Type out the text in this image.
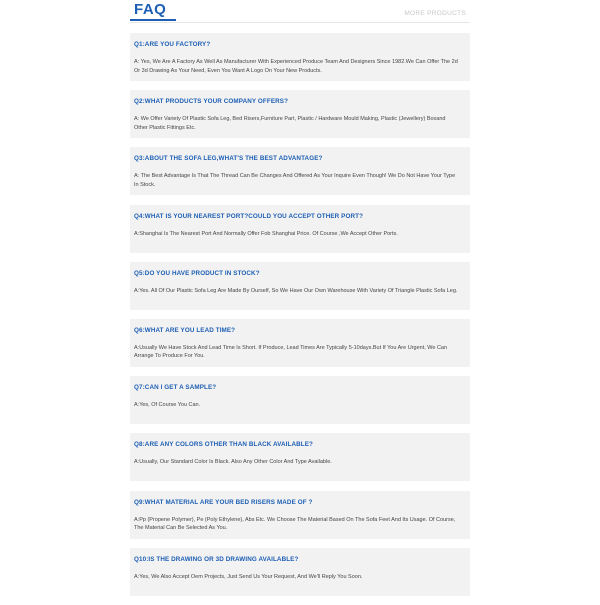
FAQ	MORE PRODUCTS
Q1:ARE YOU FACTORY?
A: Yes, We Are A Factory As Well As Manufacturer With Experienced Produce Team And Designers Since 1982.We Can Offer The 2d Or 3d Drawing As Your Need, Even You Want A Logo On Your New Products.
Q2:WHAT PRODUCTS YOUR COMPANY OFFERS?
A: We Offer Variety Of Plastic Sofa Leg, Bed Risers,Furniture Part, Plastic / Hardware Mould Making, Plastic (Jewellery) Boxand Other Plastic Fittings Etc.
Q3:ABOUT THE SOFA LEG,WHAT'S THE BEST ADVANTAGE?
A: The Best Advantage Is That The Thread Can Be Changes And Offered As Your Inquire Even Though! We Do Not Have Your Type In Stock.
Q4:WHAT IS YOUR NEAREST PORT?COULD YOU ACCEPT OTHER PORT?
A:Shanghai Is The Nearest Port And Normally Offer Fob Shanghai Price. Of Course ,We Accept Other Ports.
Q5:DO YOU HAVE PRODUCT IN STOCK?
A:Yes. All Of Our Plastic Sofa Leg Are Made By Ourself, So We Have Our Own Warehouse With Variety Of Triangle Plastic Sofa Leg.
Q6:WHAT ARE YOU LEAD TIME?
A:Usually We Have Stock And Lead Time Is Short. If Produce, Lead Times Are Typically 5-10days.But If You Are Urgent, We Can Arrange To Produce For You.
Q7:CAN I GET A SAMPLE?
A:Yes, Of Course You Can.
Q8:ARE ANY COLORS OTHER THAN BLACK AVAILABLE?
A:Usually, Our Standard Color Is Black. Also Any Other Color And Type Available.
Q9:WHAT MATERIAL ARE YOUR BED RISERS MADE OF ?
A:Pp (Propene Polymer), Pe (Poly Ethylene), Abs Etc. We Choose The Material Based On The Sofa Feet And Its Usage. Of Course, The Material Can Be Selected As You.
Q10:IS THE DRAWING OR 3D DRAWING AVAILABLE?
A:Yes, We Also Accept Oem Projects, Just Send Us Your Request, And We'll Reply You Soon.
